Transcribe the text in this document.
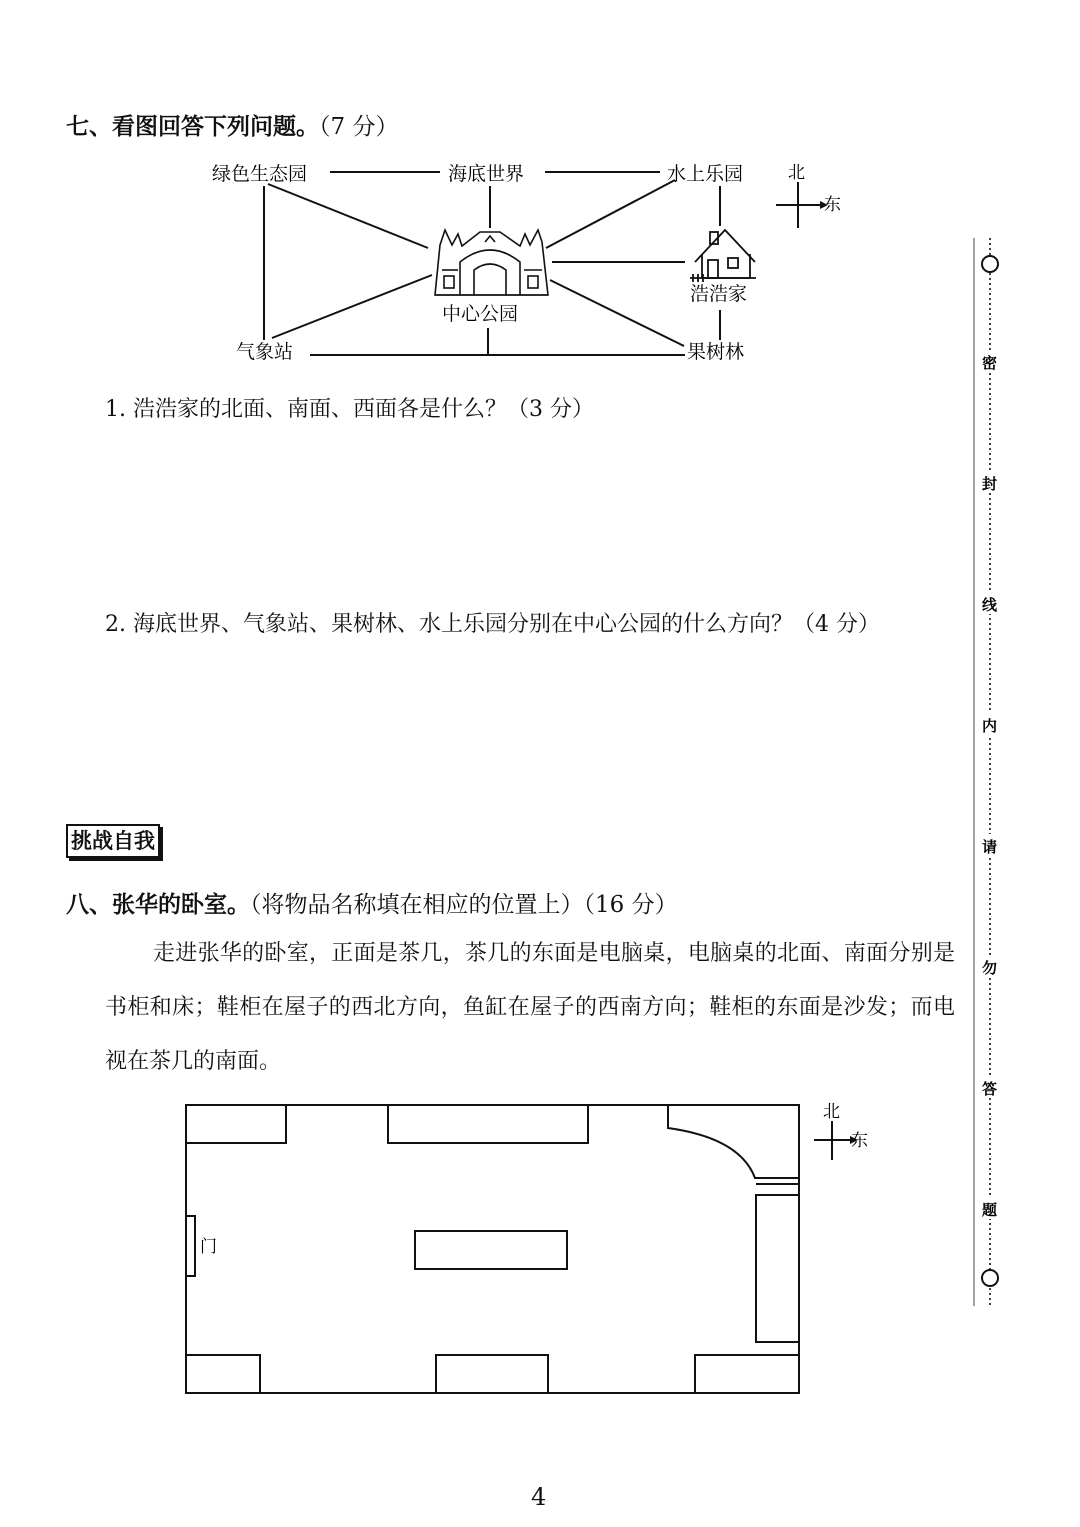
七、看图回答下列问题。（7 分）
绿色生态园	海底世界	水上乐园
中心公园
浩浩家
气象站	果树林
北
东
1. 浩浩家的北面、南面、西面各是什么？（3 分）
2. 海底世界、气象站、果树林、水上乐园分别在中心公园的什么方向？（4 分）
挑战自我
八、张华的卧室。（将物品名称填在相应的位置上）（16 分）
走进张华的卧室，正面是茶几，茶几的东面是电脑桌，电脑桌的北面、南面分别是书柜和床；鞋柜在屋子的西北方向，鱼缸在屋子的西南方向；鞋柜的东面是沙发；而电视在茶几的南面。
门
北
东
密
封
线
内
请
勿
答
题
4
